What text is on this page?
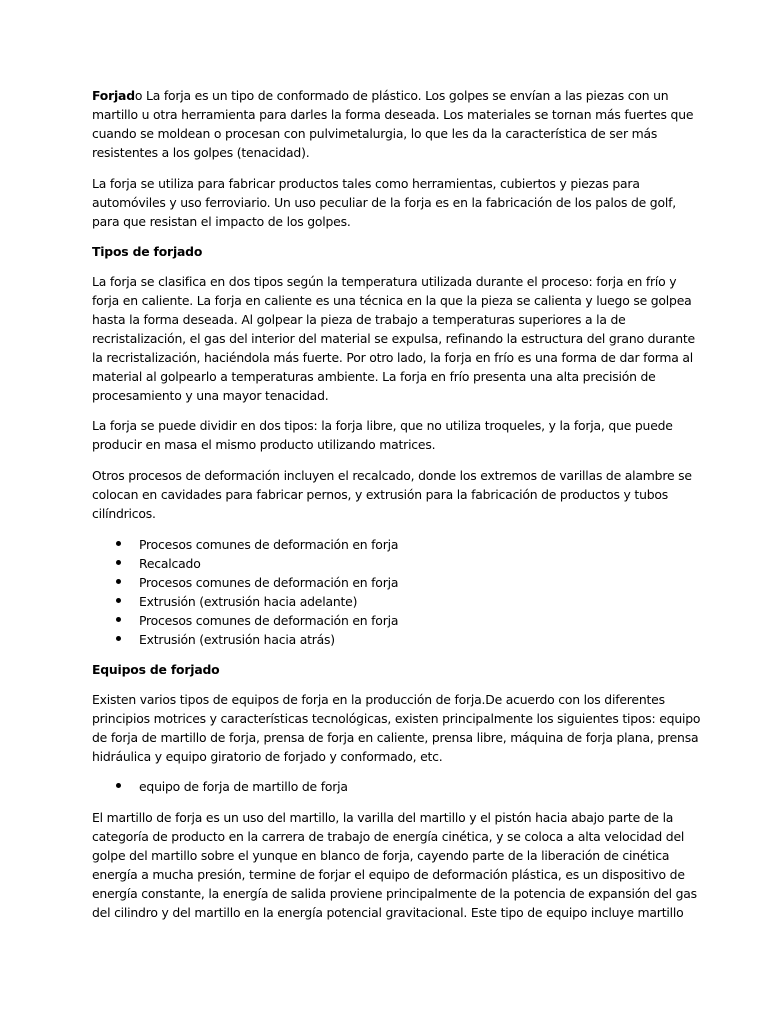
Forjado La forja es un tipo de conformado de plástico. Los golpes se envían a las piezas con un
martillo u otra herramienta para darles la forma deseada. Los materiales se tornan más fuertes que
cuando se moldean o procesan con pulvimetalurgia, lo que les da la característica de ser más
resistentes a los golpes (tenacidad).

La forja se utiliza para fabricar productos tales como herramientas, cubiertos y piezas para
automóviles y uso ferroviario. Un uso peculiar de la forja es en la fabricación de los palos de golf,
para que resistan el impacto de los golpes.

Tipos de forjado

La forja se clasifica en dos tipos según la temperatura utilizada durante el proceso: forja en frío y
forja en caliente. La forja en caliente es una técnica en la que la pieza se calienta y luego se golpea
hasta la forma deseada. Al golpear la pieza de trabajo a temperaturas superiores a la de
recristalización, el gas del interior del material se expulsa, refinando la estructura del grano durante
la recristalización, haciéndola más fuerte. Por otro lado, la forja en frío es una forma de dar forma al
material al golpearlo a temperaturas ambiente. La forja en frío presenta una alta precisión de
procesamiento y una mayor tenacidad.

La forja se puede dividir en dos tipos: la forja libre, que no utiliza troqueles, y la forja, que puede
producir en masa el mismo producto utilizando matrices.

Otros procesos de deformación incluyen el recalcado, donde los extremos de varillas de alambre se
colocan en cavidades para fabricar pernos, y extrusión para la fabricación de productos y tubos
cilíndricos.

Procesos comunes de deformación en forja
Recalcado
Procesos comunes de deformación en forja
Extrusión (extrusión hacia adelante)
Procesos comunes de deformación en forja
Extrusión (extrusión hacia atrás)

Equipos de forjado

Existen varios tipos de equipos de forja en la producción de forja.De acuerdo con los diferentes
principios motrices y características tecnológicas, existen principalmente los siguientes tipos: equipo
de forja de martillo de forja, prensa de forja en caliente, prensa libre, máquina de forja plana, prensa
hidráulica y equipo giratorio de forjado y conformado, etc.

equipo de forja de martillo de forja

El martillo de forja es un uso del martillo, la varilla del martillo y el pistón hacia abajo parte de la
categoría de producto en la carrera de trabajo de energía cinética, y se coloca a alta velocidad del
golpe del martillo sobre el yunque en blanco de forja, cayendo parte de la liberación de cinética
energía a mucha presión, termine de forjar el equipo de deformación plástica, es un dispositivo de
energía constante, la energía de salida proviene principalmente de la potencia de expansión del gas
del cilindro y del martillo en la energía potencial gravitacional. Este tipo de equipo incluye martillo
